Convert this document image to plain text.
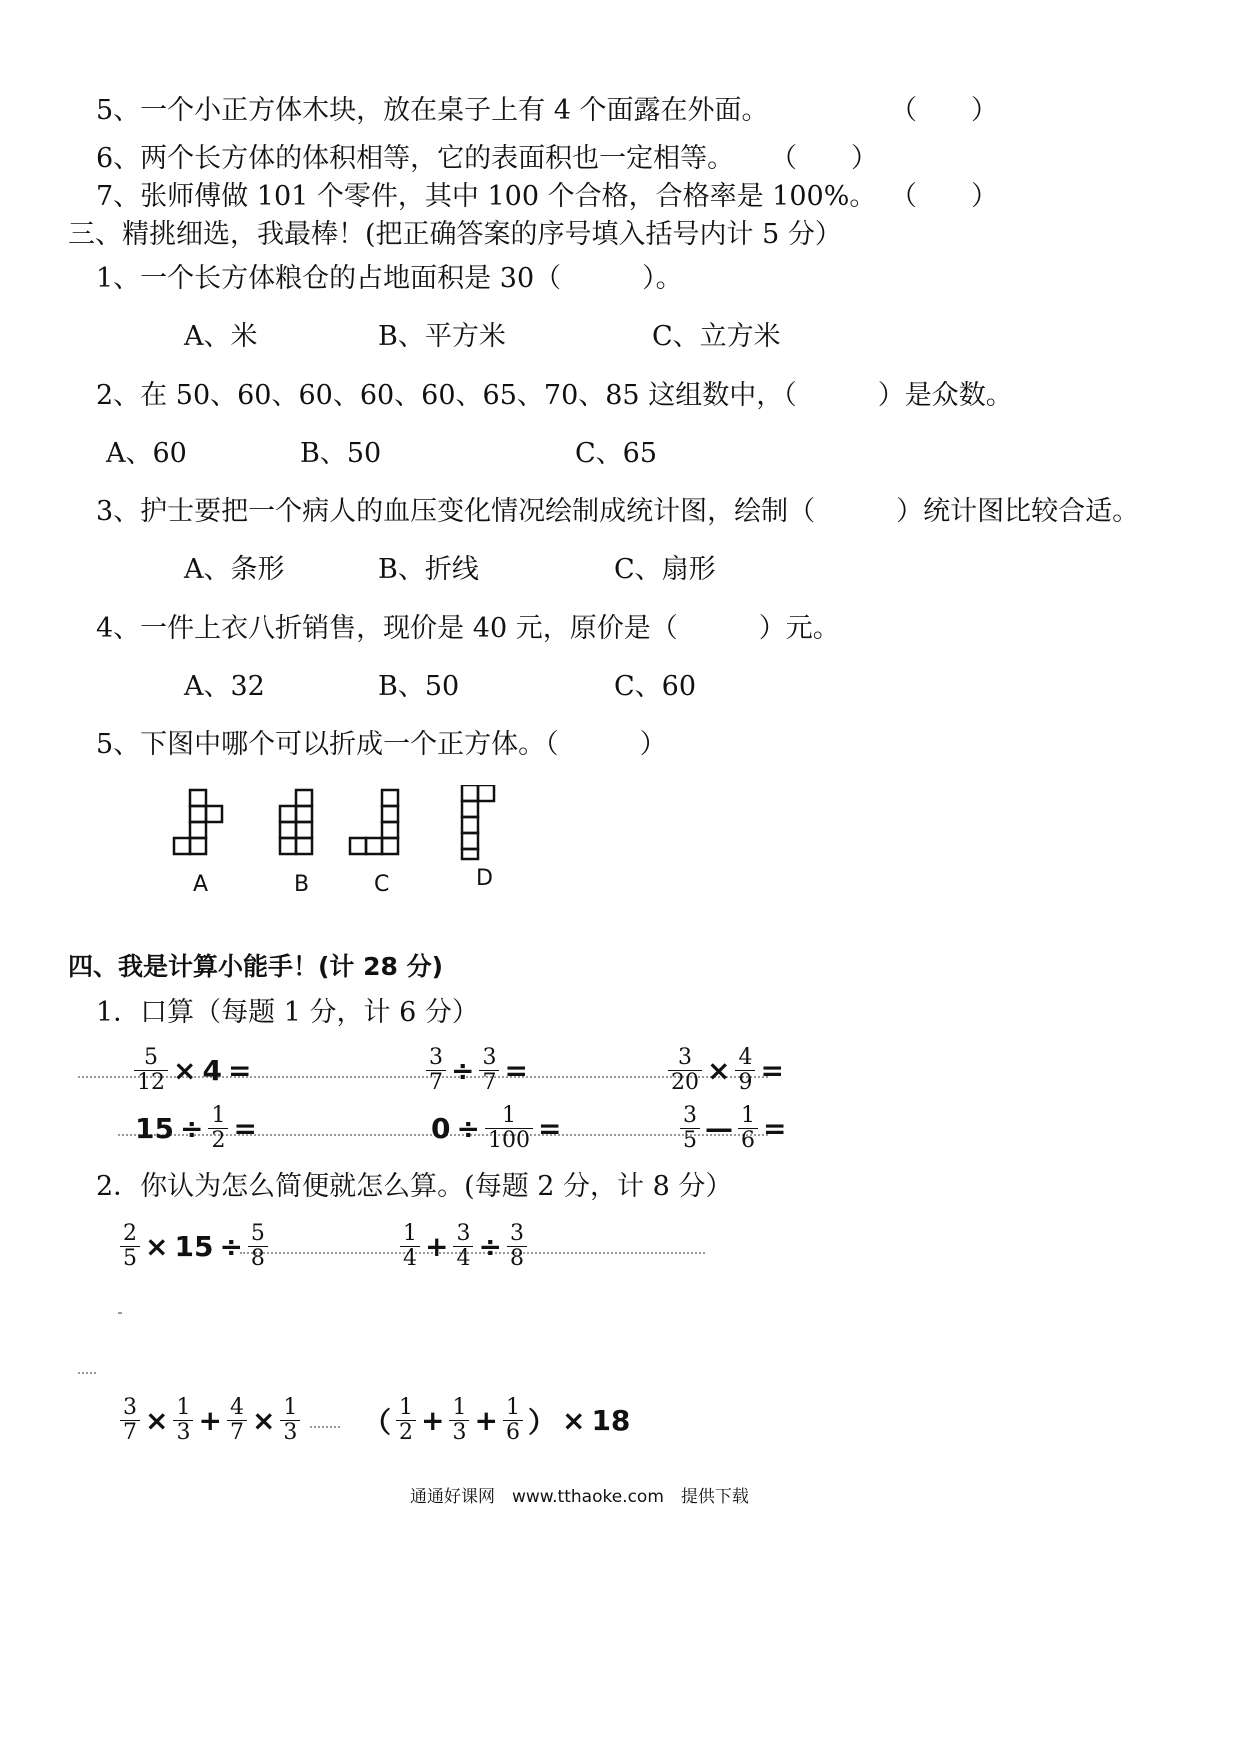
5、一个小正方体木块，放在桌子上有 4 个面露在外面。	（　　）
6、两个长方体的体积相等，它的表面积也一定相等。 （　　）
7、张师傅做 101 个零件，其中 100 个合格，合格率是 100%。 （　　）
三、精挑细选，我最棒！(把正确答案的序号填入括号内计 5 分）
1、一个长方体粮仓的占地面积是 30（　　　）。
A、米	B、平方米	C、立方米
2、在 50、60、60、60、60、65、70、85 这组数中，（　　　）是众数。
A、60	B、50	C、65
3、护士要把一个病人的血压变化情况绘制成统计图，绘制（　　　）统计图比较合适。
A、条形	B、折线	C、扇形
4、一件上衣八折销售，现价是 40 元，原价是（　　　）元。
A、32	B、50	C、60
5、下图中哪个可以折成一个正方体。（　　　）
A	B	C	D
四、我是计算小能手！(计 28 分)
1．口算（每题 1 分，计 6 分）
$\frac{5}{12} \times 4$ =	$\frac{3}{7} \div \frac{3}{7}$ =	$\frac{3}{20} \times \frac{4}{9}$ =
$15 \div \frac{1}{2}$ =	$0 \div \frac{1}{100}$ =	$\frac{3}{5}$ — $\frac{1}{6}$ =
2．你认为怎么简便就怎么算。(每题 2 分，计 8 分）
$\frac{2}{5} \times 15 \div \frac{5}{8}$	$\frac{1}{4} + \frac{3}{4} \div \frac{3}{8}$
$\frac{3}{7} \times \frac{1}{3} + \frac{4}{7} \times \frac{1}{3}$ （ $\frac{1}{2} + \frac{1}{3} + \frac{1}{6}$ ） × 18
通通好课网　www.tthaoke.com　提供下载
